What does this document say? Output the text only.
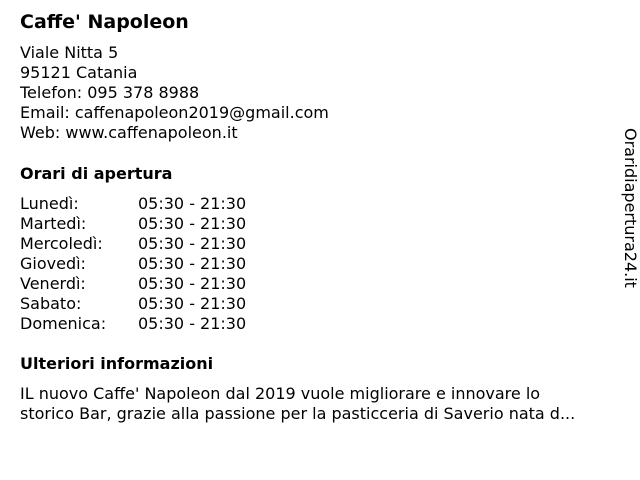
Caffe' Napoleon
Viale Nitta 5
95121 Catania
Telefon: 095 378 8988
Email: caffenapoleon2019@gmail.com
Web: www.caffenapoleon.it
Orari di apertura
Lunedì:	05:30 - 21:30
Martedì:	05:30 - 21:30
Mercoledì: 05:30 - 21:30
Giovedì:	05:30 - 21:30
Venerdì:	05:30 - 21:30
Sabato:	05:30 - 21:30
Domenica: 05:30 - 21:30
Ulteriori informazioni
IL nuovo Caffe' Napoleon dal 2019 vuole migliorare e innovare lo
storico Bar, grazie alla passione per la pasticceria di Saverio nata d...
Oraridiapertura24.it
